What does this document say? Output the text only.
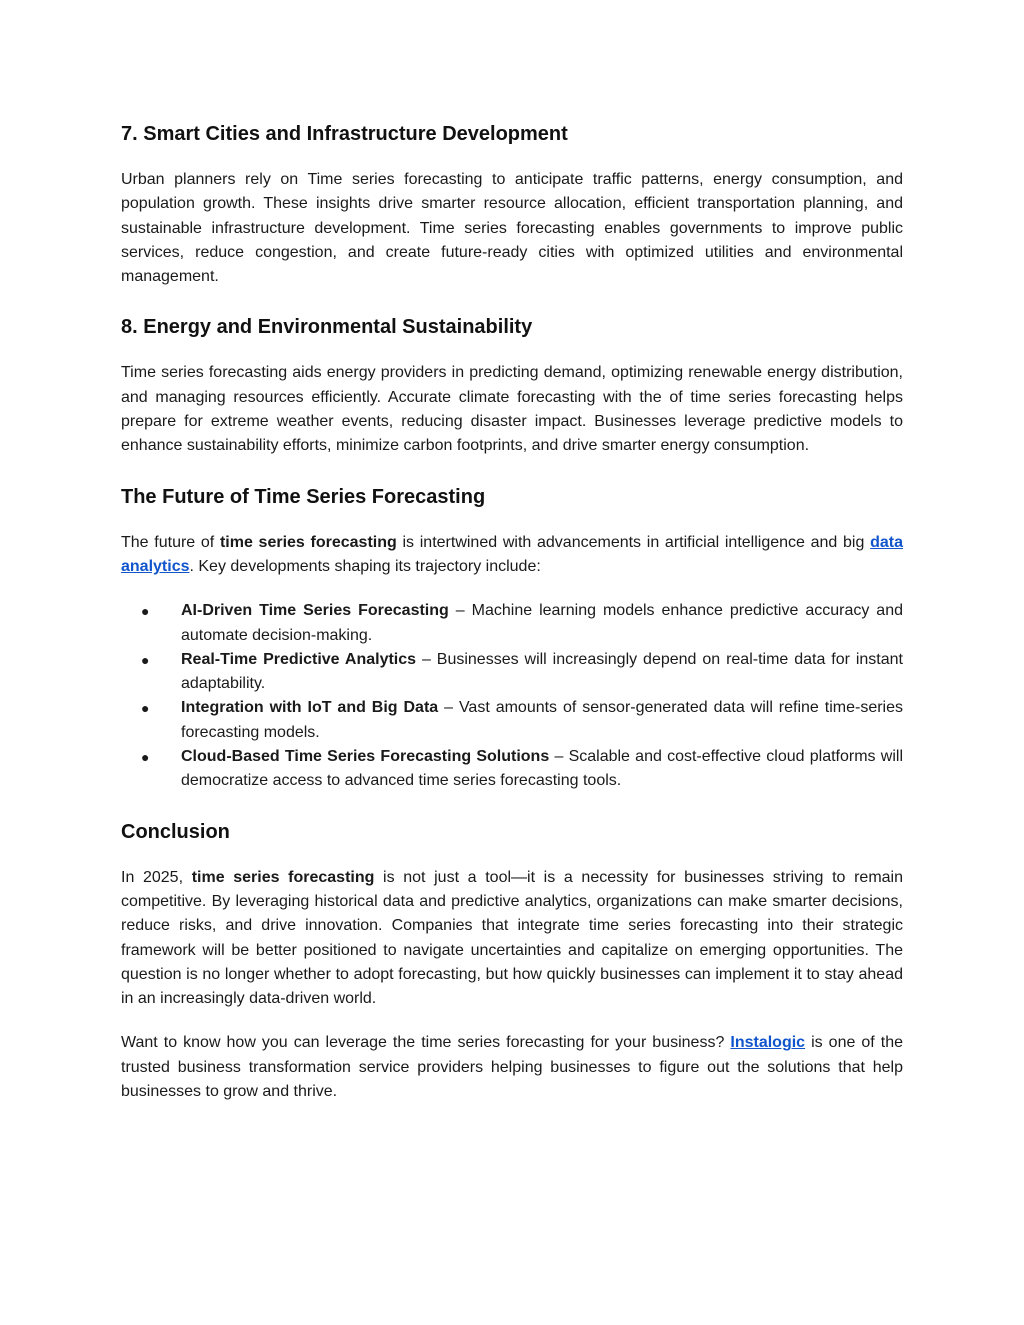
7. Smart Cities and Infrastructure Development

Urban planners rely on Time series forecasting to anticipate traffic patterns, energy consumption, and population growth. These insights drive smarter resource allocation, efficient transportation planning, and sustainable infrastructure development. Time series forecasting enables governments to improve public services, reduce congestion, and create future-ready cities with optimized utilities and environmental management.

8. Energy and Environmental Sustainability

Time series forecasting aids energy providers in predicting demand, optimizing renewable energy distribution, and managing resources efficiently. Accurate climate forecasting with the of time series forecasting helps prepare for extreme weather events, reducing disaster impact. Businesses leverage predictive models to enhance sustainability efforts, minimize carbon footprints, and drive smarter energy consumption.

The Future of Time Series Forecasting

The future of time series forecasting is intertwined with advancements in artificial intelligence and big data analytics. Key developments shaping its trajectory include:

● AI-Driven Time Series Forecasting – Machine learning models enhance predictive accuracy and automate decision-making.
● Real-Time Predictive Analytics – Businesses will increasingly depend on real-time data for instant adaptability.
● Integration with IoT and Big Data – Vast amounts of sensor-generated data will refine time-series forecasting models.
● Cloud-Based Time Series Forecasting Solutions – Scalable and cost-effective cloud platforms will democratize access to advanced time series forecasting tools.
Conclusion

In 2025, time series forecasting is not just a tool—it is a necessity for businesses striving to remain competitive. By leveraging historical data and predictive analytics, organizations can make smarter decisions, reduce risks, and drive innovation. Companies that integrate time series forecasting into their strategic framework will be better positioned to navigate uncertainties and capitalize on emerging opportunities. The question is no longer whether to adopt forecasting, but how quickly businesses can implement it to stay ahead in an increasingly data-driven world.

Want to know how you can leverage the time series forecasting for your business? Instalogic is one of the trusted business transformation service providers helping businesses to figure out the solutions that help businesses to grow and thrive.
